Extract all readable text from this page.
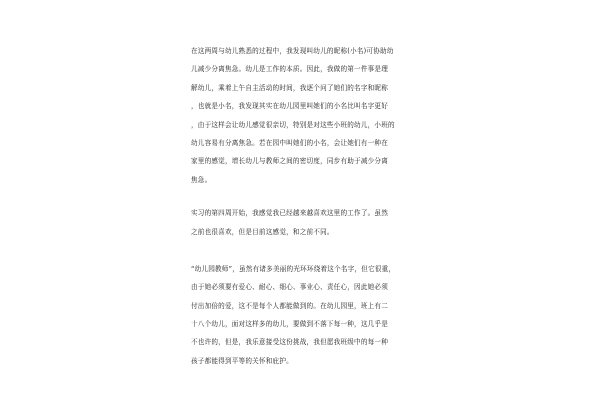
在这两周与幼儿熟悉的过程中，我发现叫幼儿的昵称(小名)可协助幼
儿减少分离焦急。幼儿是工作的本质。因此，我做的第一件事是理
解幼儿，乘着上午自主活动的时间，我逐个问了她们的名字和昵称
，也就是小名，我发现其实在幼儿园里叫她们的小名比叫名字更好
，由于这样会让幼儿感觉很亲切，特别是对这些小班的幼儿，小班的
幼儿容易有分离焦急。若在园中叫她们的小名，会让她们有一种在
家里的感觉，增长幼儿与教师之间的密切度，同步有助于减少分离
焦急。
实习的第四周开始，我感觉我已经越来越喜欢这里的工作了。虽然
之前也很喜欢，但是目前这感觉，和之前不同。
“幼儿园教师”，虽然有诸多美丽的光环环绕着这个名字，但它很重，
由于她必须要有爱心、耐心、细心、事业心、责任心，因此她必须
付出加倍的爱，这不是每个人都能做到的。在幼儿园里，班上有二
十八个幼儿，面对这样多的幼儿，要做到不落下每一种，这几乎是
不也许的，但是，我乐意接受这份挑战，我但愿我班级中的每一种
孩子都能得到平等的关怀和庇护。
